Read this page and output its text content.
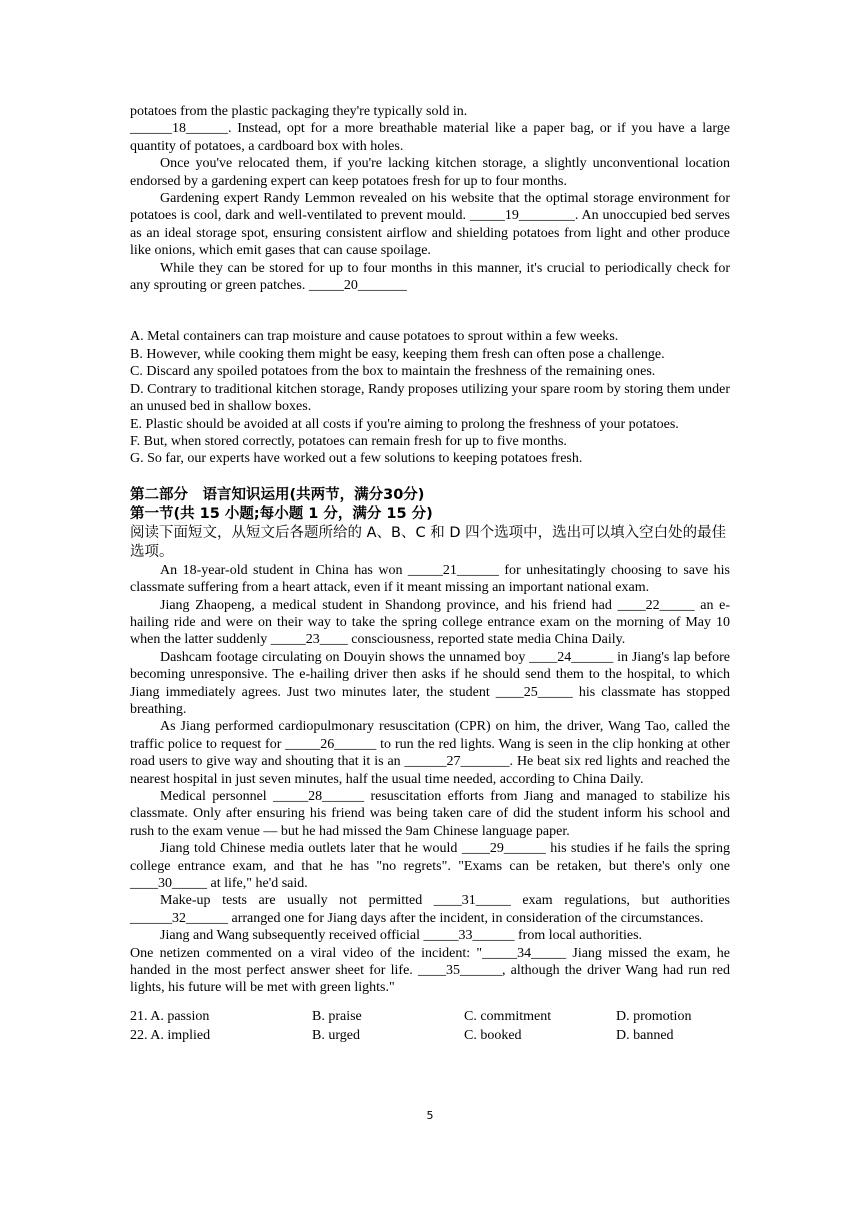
potatoes from the plastic packaging they're typically sold in.

______18______. Instead, opt for a more breathable material like a paper bag, or if you have a large quantity of potatoes, a cardboard box with holes.

Once you've relocated them, if you're lacking kitchen storage, a slightly unconventional location endorsed by a gardening expert can keep potatoes fresh for up to four months.

Gardening expert Randy Lemmon revealed on his website that the optimal storage environment for potatoes is cool, dark and well-ventilated to prevent mould. _____19________. An unoccupied bed serves as an ideal storage spot, ensuring consistent airflow and shielding potatoes from light and other produce like onions, which emit gases that can cause spoilage.

While they can be stored for up to four months in this manner, it's crucial to periodically check for any sprouting or green patches. _____20_______

A. Metal containers can trap moisture and cause potatoes to sprout within a few weeks.

B. However, while cooking them might be easy, keeping them fresh can often pose a challenge.

C. Discard any spoiled potatoes from the box to maintain the freshness of the remaining ones.

D. Contrary to traditional kitchen storage, Randy proposes utilizing your spare room by storing them under an unused bed in shallow boxes.

E. Plastic should be avoided at all costs if you're aiming to prolong the freshness of your potatoes.

F. But, when stored correctly, potatoes can remain fresh for up to five months.

G. So far, our experts have worked out a few solutions to keeping potatoes fresh.

第二部分　语言知识运用(共两节，满分30分)

第一节(共 15 小题;每小题 1 分，满分 15 分)

阅读下面短文，从短文后各题所给的 A、B、C 和 D 四个选项中，选出可以填入空白处的最佳选项。

An 18-year-old student in China has won _____21______ for unhesitatingly choosing to save his classmate suffering from a heart attack, even if it meant missing an important national exam.

Jiang Zhaopeng, a medical student in Shandong province, and his friend had ____22_____ an e-hailing ride and were on their way to take the spring college entrance exam on the morning of May 10 when the latter suddenly _____23____ consciousness, reported state media China Daily.

Dashcam footage circulating on Douyin shows the unnamed boy ____24______ in Jiang's lap before becoming unresponsive. The e-hailing driver then asks if he should send them to the hospital, to which Jiang immediately agrees. Just two minutes later, the student ____25_____ his classmate has stopped breathing.

As Jiang performed cardiopulmonary resuscitation (CPR) on him, the driver, Wang Tao, called the traffic police to request for _____26______ to run the red lights. Wang is seen in the clip honking at other road users to give way and shouting that it is an ______27_______. He beat six red lights and reached the nearest hospital in just seven minutes, half the usual time needed, according to China Daily.

Medical personnel _____28______ resuscitation efforts from Jiang and managed to stabilize his classmate. Only after ensuring his friend was being taken care of did the student inform his school and rush to the exam venue — but he had missed the 9am Chinese language paper.

Jiang told Chinese media outlets later that he would ____29______ his studies if he fails the spring college entrance exam, and that he has "no regrets". "Exams can be retaken, but there's only one ____30_____ at life," he'd said.

Make-up tests are usually not permitted ____31_____ exam regulations, but authorities ______32______ arranged one for Jiang days after the incident, in consideration of the circumstances.

Jiang and Wang subsequently received official _____33______ from local authorities.

One netizen commented on a viral video of the incident: "_____34_____ Jiang missed the exam, he handed in the most perfect answer sheet for life. ____35______, although the driver Wang had run red lights, his future will be met with green lights."

21. A. passion	B. praise	C. commitment	D. promotion
22. A. implied	B. urged	C. booked	D. banned
5
